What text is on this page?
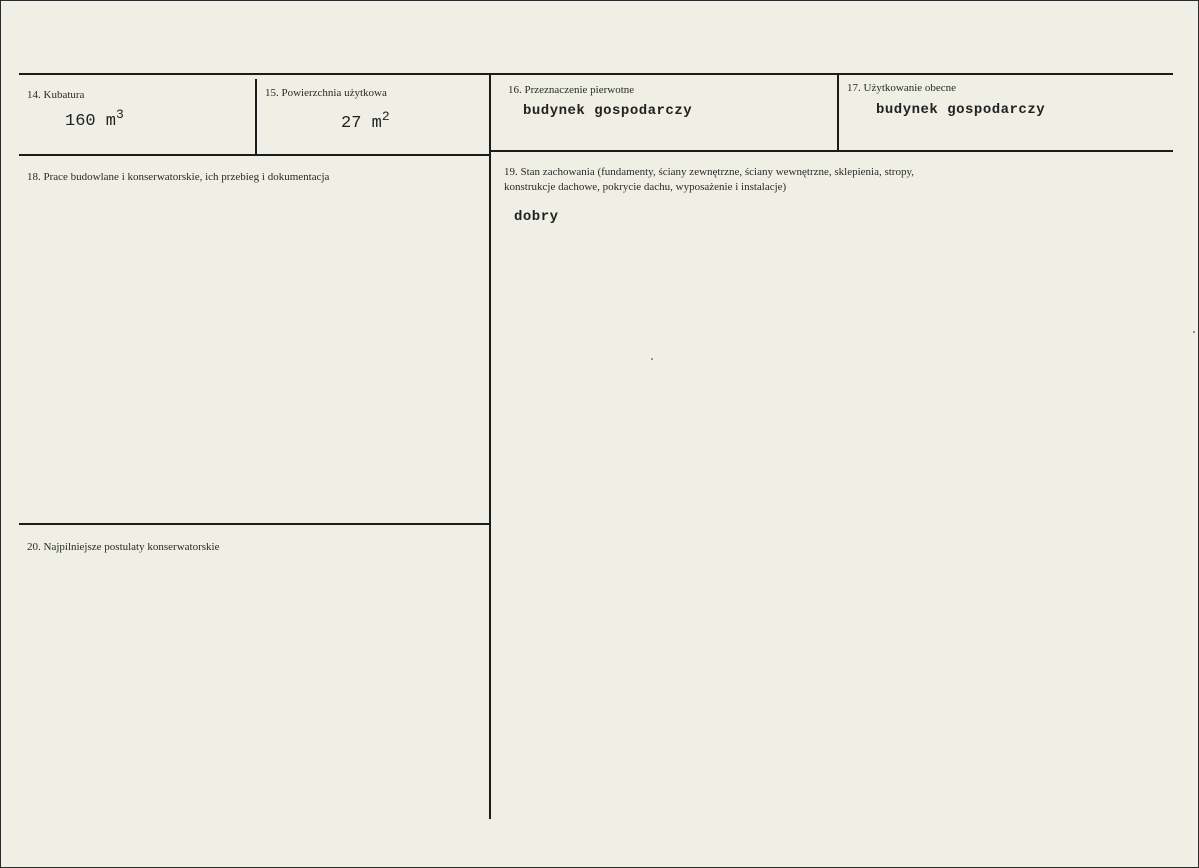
14. Kubatura
160 $m^3$
15. Powierzchnia użytkowa
27 $m^2$
16. Przeznaczenie pierwotne
budynek gospodarczy
17. Użytkowanie obecne
budynek gospodarczy
18. Prace budowlane i konserwatorskie, ich przebieg i dokumentacja	19. Stan zachowania (fundamenty, ściany zewnętrzne, ściany wewnętrzne, sklepienia, stropy,
konstrukcje dachowe, pokrycie dachu, wyposażenie i instalacje)
dobry
20. Najpilniejsze postulaty konserwatorskie
